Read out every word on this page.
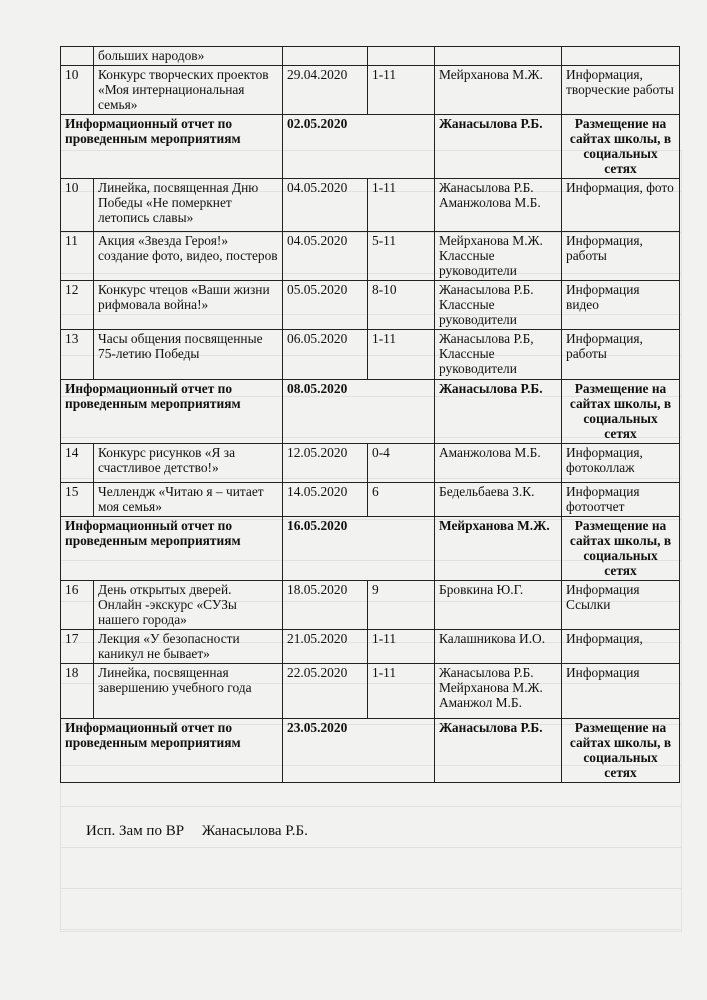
	больших народов»				
10	Конкурс творческих проектов «Моя интернациональная семья»	29.04.2020	1-11	Мейрханова М.Ж.	Информация, творческие работы
Информационный отчет по проведенным мероприятиям		02.05.2020		Жанасылова Р.Б.	Размещение на сайтах школы, в социальных сетях
10	Линейка, посвященная Дню Победы «Не померкнет летопись славы»	04.05.2020	1-11	Жанасылова Р.Б. Аманжолова М.Б.	Информация, фото
11	Акция «Звезда Героя!» создание фото, видео, постеров	04.05.2020	5-11	Мейрханова М.Ж. Классные руководители	Информация, работы
12	Конкурс чтецов «Ваши жизни рифмовала война!»	05.05.2020	8-10	Жанасылова Р.Б. Классные руководители	Информация видео
13	Часы общения посвященные 75-летию Победы	06.05.2020	1-11	Жанасылова Р.Б, Классные руководители	Информация, работы
Информационный отчет по проведенным мероприятиям		08.05.2020		Жанасылова Р.Б.	Размещение на сайтах школы, в социальных сетях
14	Конкурс рисунков «Я за счастливое детство!»	12.05.2020	0-4	Аманжолова М.Б.	Информация, фотоколлаж
15	Челлендж «Читаю я – читает моя семья»	14.05.2020	6	Бедельбаева З.К.	Информация фотоотчет
Информационный отчет по проведенным мероприятиям		16.05.2020		Мейрханова М.Ж.	Размещение на сайтах школы, в социальных сетях
16	День открытых дверей. Онлайн -экскурс «СУЗы нашего города»	18.05.2020	9	Бровкина Ю.Г.	Информация Ссылки
17	Лекция «У безопасности каникул не бывает»	21.05.2020	1-11	Калашникова И.О.	Информация,
18	Линейка, посвященная завершению учебного года	22.05.2020	1-11	Жанасылова Р.Б. Мейрханова М.Ж. Аманжол М.Б.	Информация
Информационный отчет по проведенным мероприятиям		23.05.2020		Жанасылова Р.Б.	Размещение на сайтах школы, в социальных сетях
Исп. Зам по ВР Жанасылова Р.Б.
